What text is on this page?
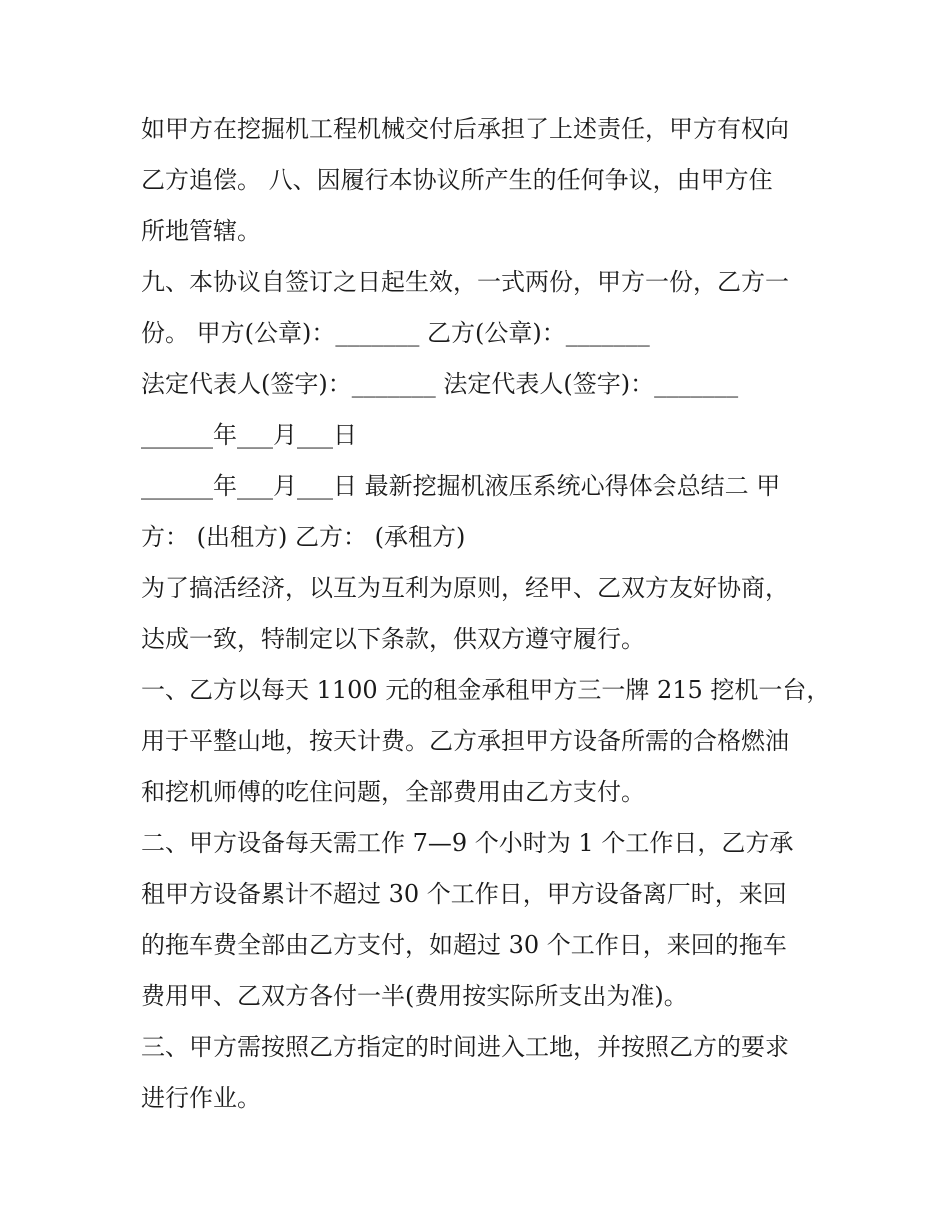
如甲方在挖掘机工程机械交付后承担了上述责任，甲方有权向
乙方追偿。 八、因履行本协议所产生的任何争议，由甲方住
所地管辖。
九、本协议自签订之日起生效，一式两份，甲方一份，乙方一
份。 甲方(公章)：_______ 乙方(公章)：_______
法定代表人(签字)：_______ 法定代表人(签字)：_______
______年___月___日
______年___月___日 最新挖掘机液压系统心得体会总结二 甲
方： (出租方) 乙方： (承租方)
为了搞活经济，以互为互利为原则，经甲、乙双方友好协商，
达成一致，特制定以下条款，供双方遵守履行。
一、乙方以每天 1100 元的租金承租甲方三一牌 215 挖机一台，
用于平整山地，按天计费。乙方承担甲方设备所需的合格燃油
和挖机师傅的吃住问题，全部费用由乙方支付。
二、甲方设备每天需工作 7—9 个小时为 1 个工作日，乙方承
租甲方设备累计不超过 30 个工作日，甲方设备离厂时，来回
的拖车费全部由乙方支付，如超过 30 个工作日，来回的拖车
费用甲、乙双方各付一半(费用按实际所支出为准)。
三、甲方需按照乙方指定的时间进入工地，并按照乙方的要求
进行作业。
